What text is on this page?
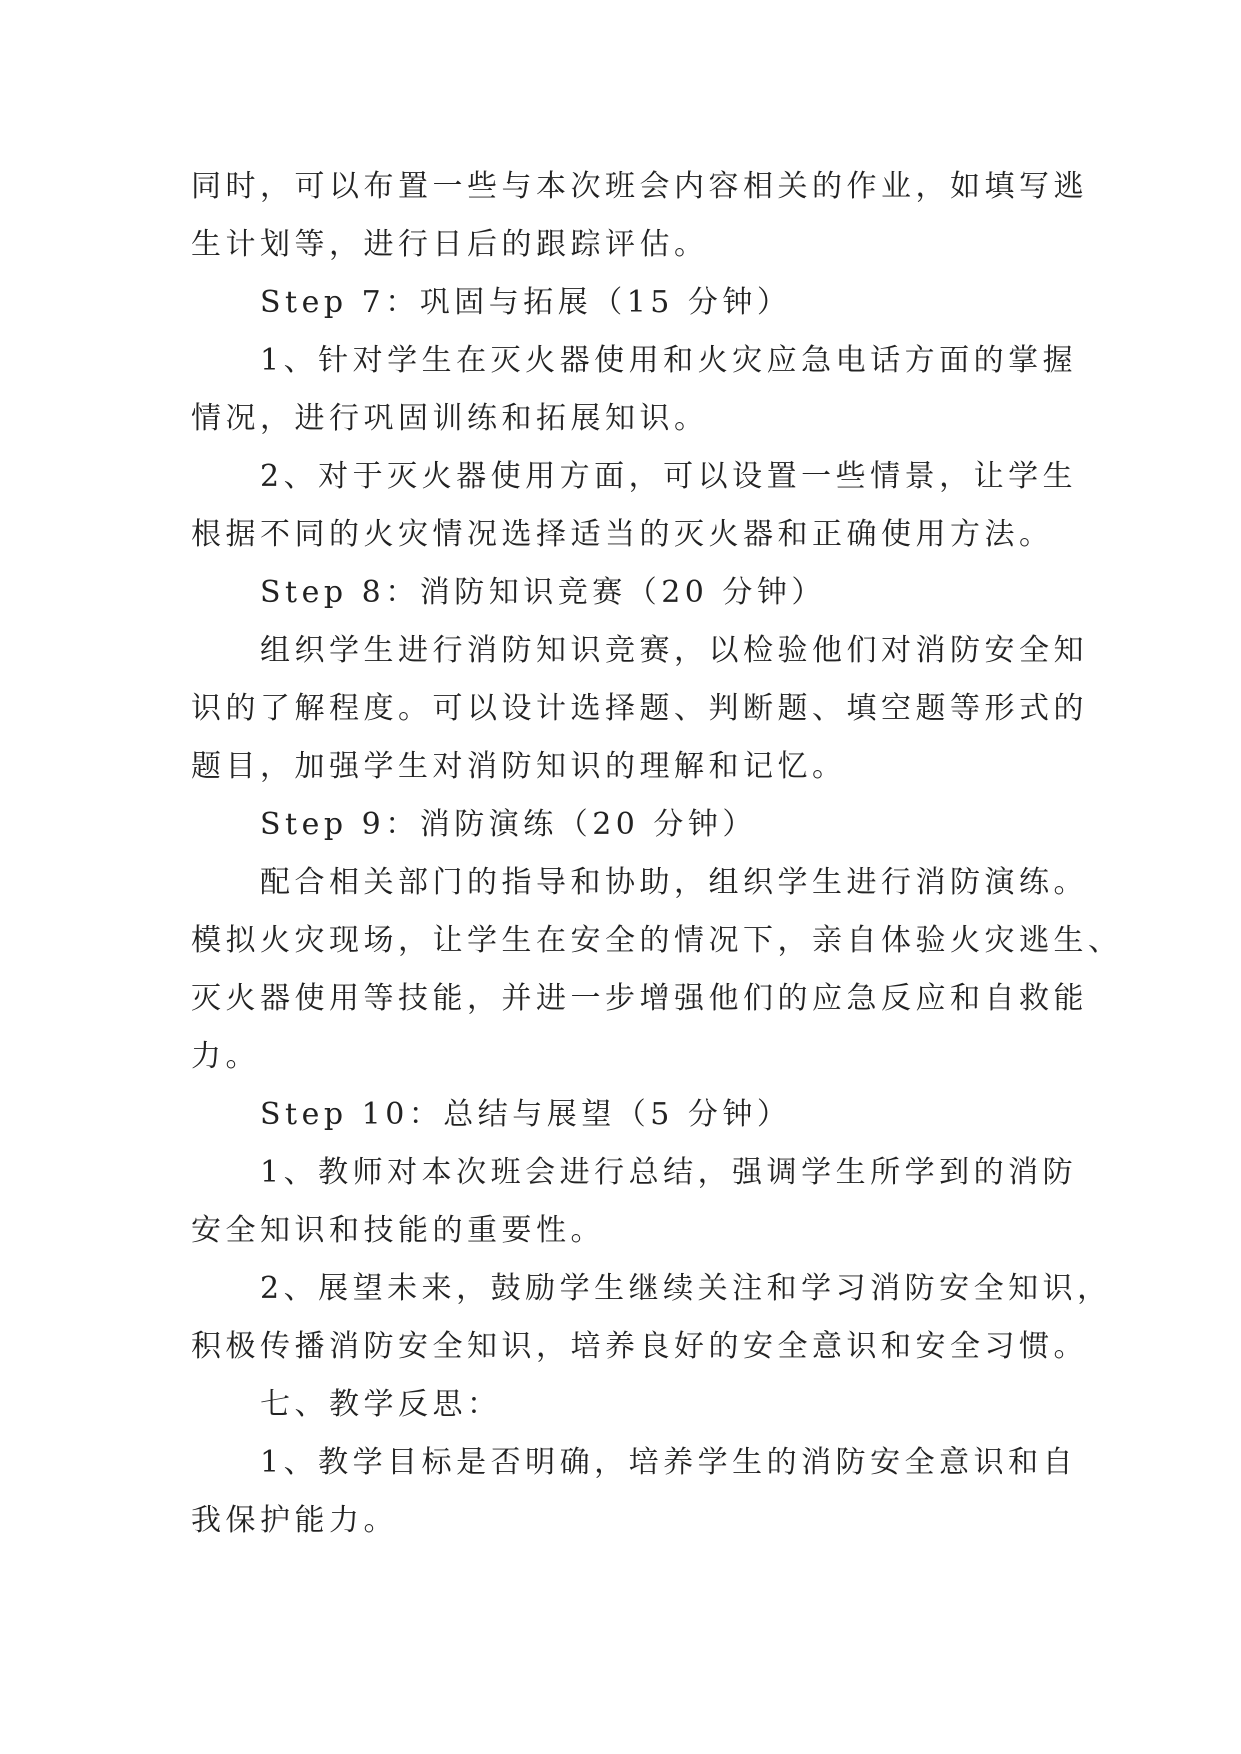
同时，可以布置一些与本次班会内容相关的作业，如填写逃

生计划等，进行日后的跟踪评估。

　　Step 7：巩固与拓展（15 分钟）

　　1、针对学生在灭火器使用和火灾应急电话方面的掌握

情况，进行巩固训练和拓展知识。

　　2、对于灭火器使用方面，可以设置一些情景，让学生

根据不同的火灾情况选择适当的灭火器和正确使用方法。

　　Step 8：消防知识竞赛（20 分钟）

　　组织学生进行消防知识竞赛，以检验他们对消防安全知

识的了解程度。可以设计选择题、判断题、填空题等形式的

题目，加强学生对消防知识的理解和记忆。

　　Step 9：消防演练（20 分钟）

　　配合相关部门的指导和协助，组织学生进行消防演练。

模拟火灾现场，让学生在安全的情况下，亲自体验火灾逃生、

灭火器使用等技能，并进一步增强他们的应急反应和自救能

力。

　　Step 10：总结与展望（5 分钟）

　　1、教师对本次班会进行总结，强调学生所学到的消防

安全知识和技能的重要性。

　　2、展望未来，鼓励学生继续关注和学习消防安全知识，

积极传播消防安全知识，培养良好的安全意识和安全习惯。

　　七、教学反思：

　　1、教学目标是否明确，培养学生的消防安全意识和自

我保护能力。
